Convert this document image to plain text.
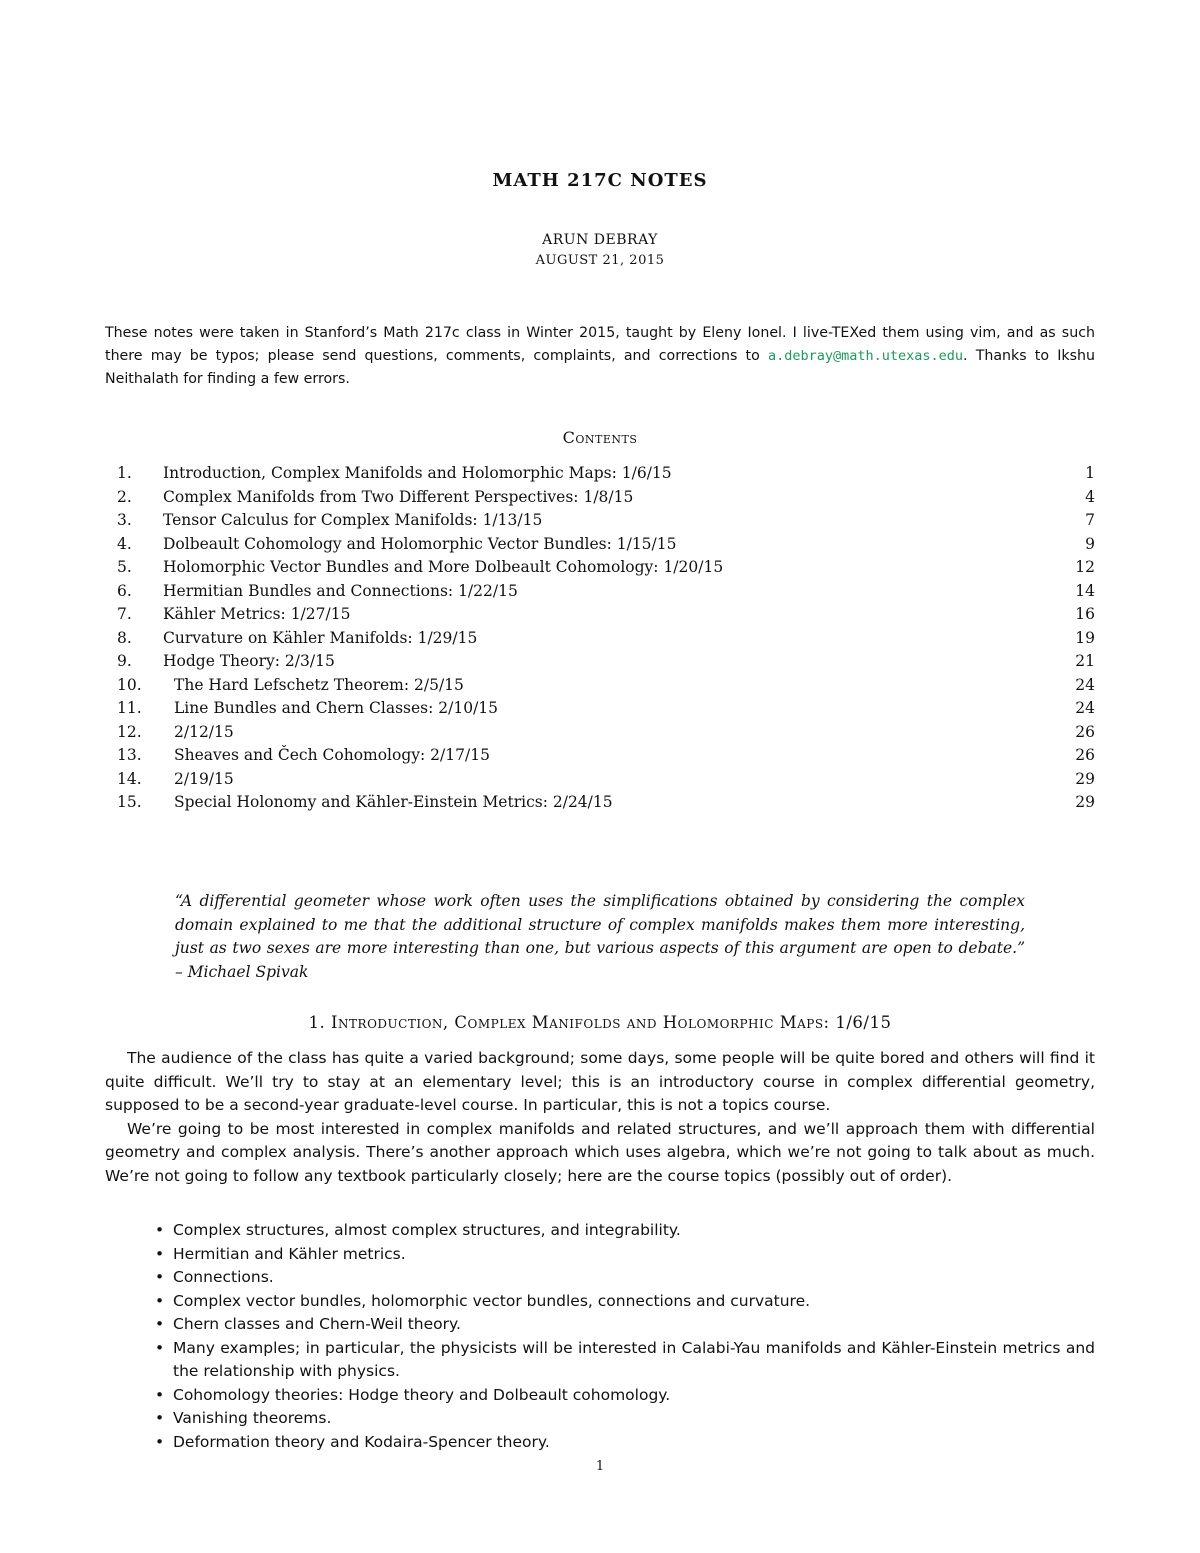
MATH 217C NOTES
ARUN DEBRAY
AUGUST 21, 2015
These notes were taken in Stanford’s Math 217c class in Winter 2015, taught by Eleny Ionel. I live-TEXed them using vim, and as such there may be typos; please send questions, comments, complaints, and corrections to a.debray@math.utexas.edu. Thanks to Ikshu Neithalath for finding a few errors.
Contents
1. Introduction, Complex Manifolds and Holomorphic Maps: 1/6/15	1
2. Complex Manifolds from Two Different Perspectives: 1/8/15	4
3. Tensor Calculus for Complex Manifolds: 1/13/15	7
4. Dolbeault Cohomology and Holomorphic Vector Bundles: 1/15/15	9
5. Holomorphic Vector Bundles and More Dolbeault Cohomology: 1/20/15	12
6. Hermitian Bundles and Connections: 1/22/15	14
7. Kähler Metrics: 1/27/15	16
8. Curvature on Kähler Manifolds: 1/29/15	19
9. Hodge Theory: 2/3/15	21
10. The Hard Lefschetz Theorem: 2/5/15	24
11. Line Bundles and Chern Classes: 2/10/15	24
12. 2/12/15	26
13. Sheaves and Čech Cohomology: 2/17/15	26
14. 2/19/15	29
15. Special Holonomy and Kähler-Einstein Metrics: 2/24/15	29
“A differential geometer whose work often uses the simplifications obtained by considering the complex domain explained to me that the additional structure of complex manifolds makes them more interesting, just as two sexes are more interesting than one, but various aspects of this argument are open to debate.” – Michael Spivak
1. Introduction, Complex Manifolds and Holomorphic Maps: 1/6/15

The audience of the class has quite a varied background; some days, some people will be quite bored and others will find it quite difficult. We’ll try to stay at an elementary level; this is an introductory course in complex differential geometry, supposed to be a second-year graduate-level course. In particular, this is not a topics course.

We’re going to be most interested in complex manifolds and related structures, and we’ll approach them with differential geometry and complex analysis. There’s another approach which uses algebra, which we’re not going to talk about as much. We’re not going to follow any textbook particularly closely; here are the course topics (possibly out of order).

• Complex structures, almost complex structures, and integrability.
• Hermitian and Kähler metrics.
• Connections.
• Complex vector bundles, holomorphic vector bundles, connections and curvature.
• Chern classes and Chern-Weil theory.
• Many examples; in particular, the physicists will be interested in Calabi-Yau manifolds and Kähler-Einstein metrics and the relationship with physics.
• Cohomology theories: Hodge theory and Dolbeault cohomology.
• Vanishing theorems.
• Deformation theory and Kodaira-Spencer theory.
1
